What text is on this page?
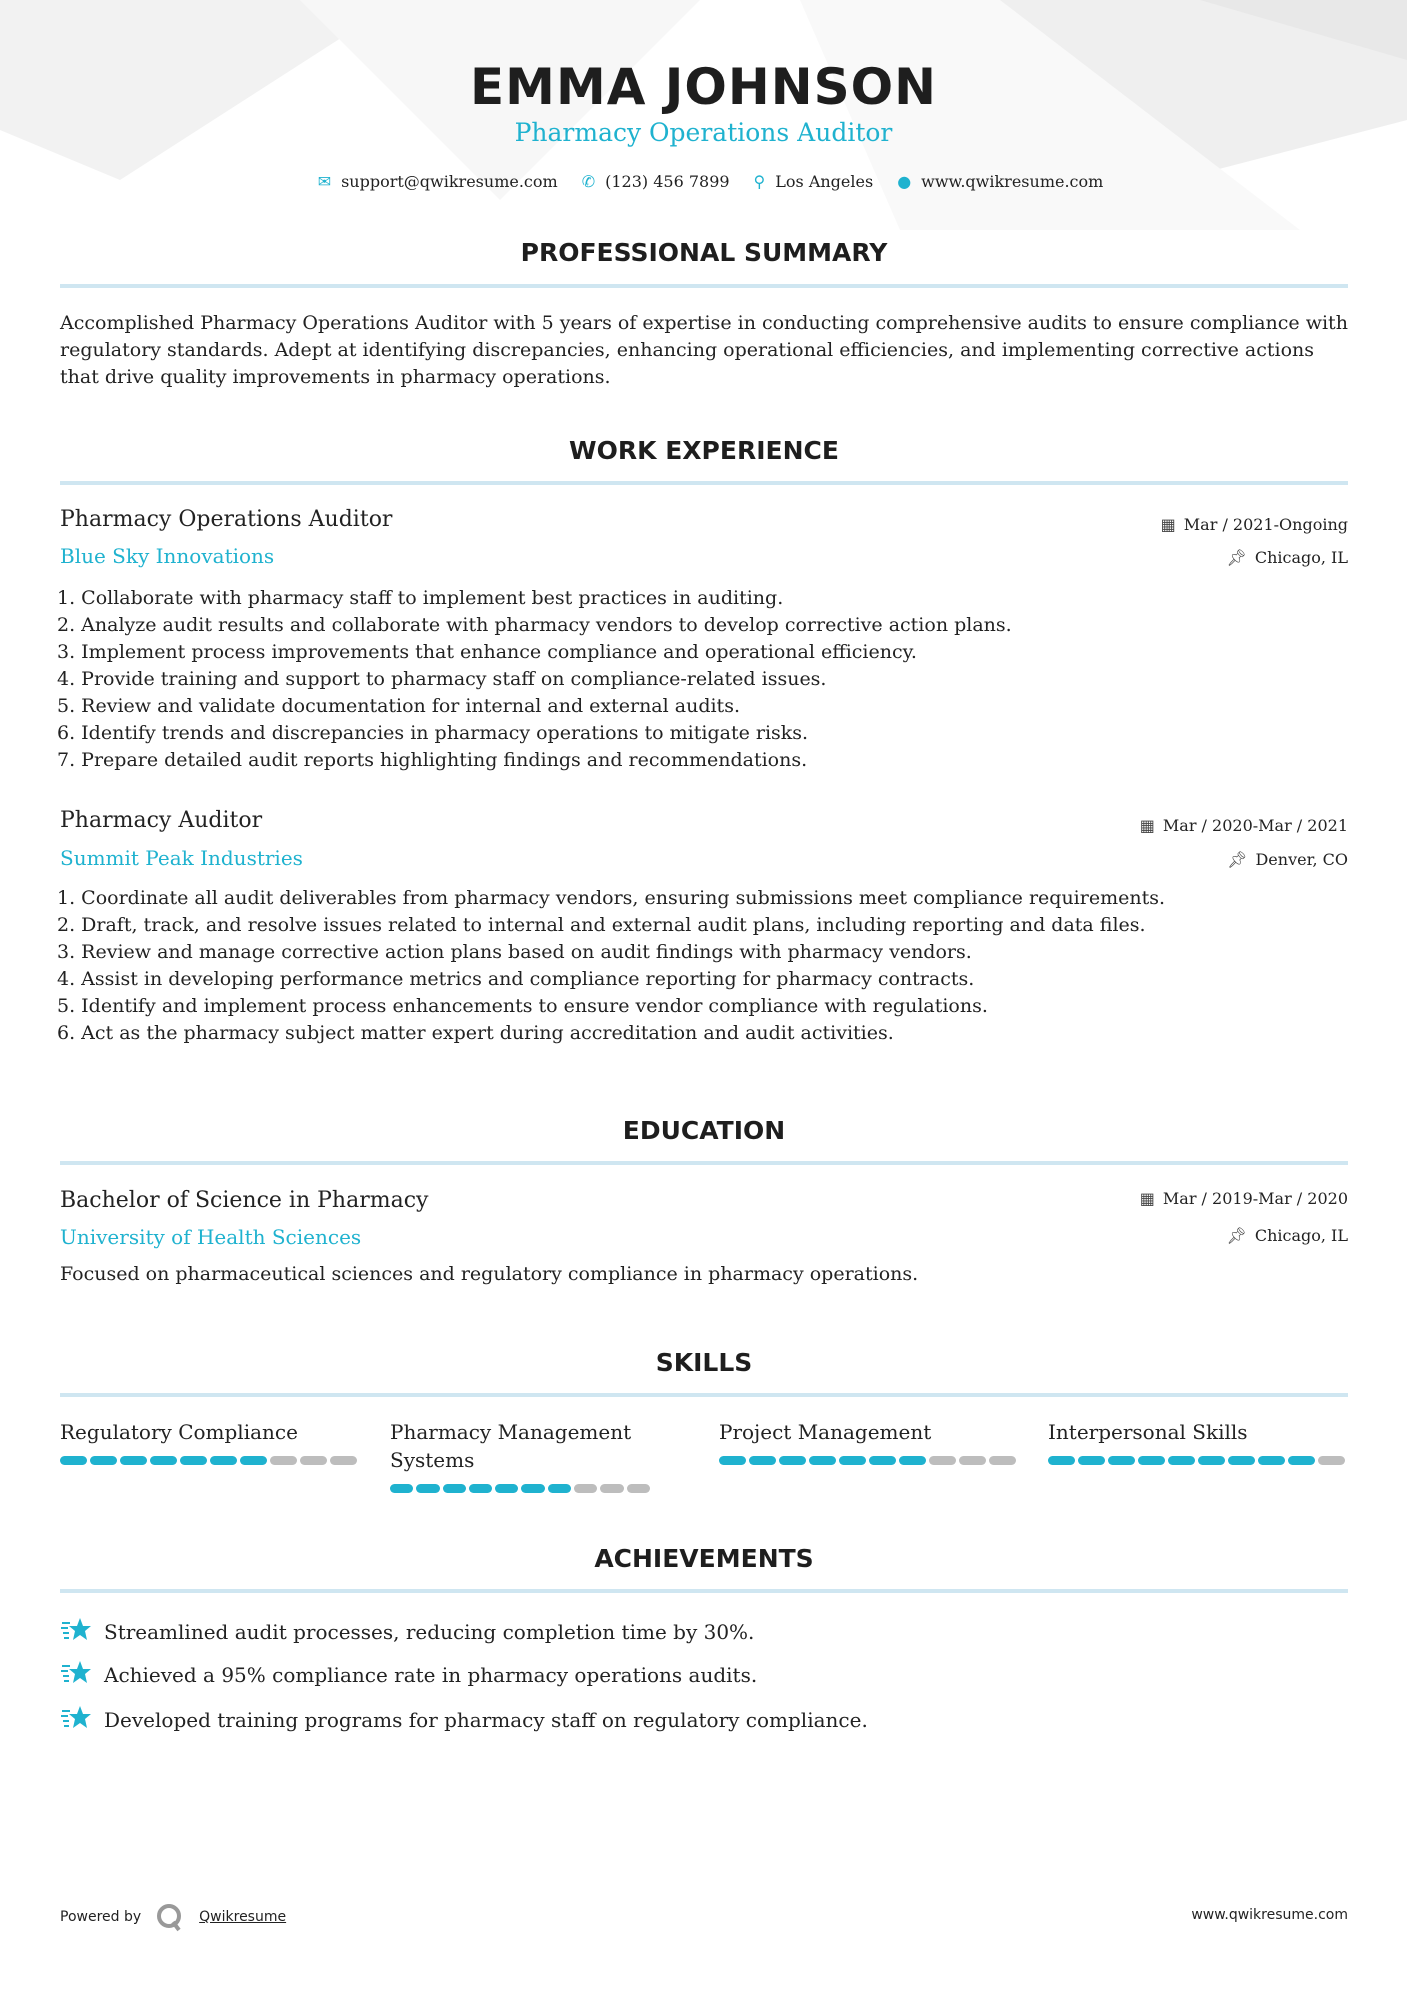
EMMA JOHNSON
Pharmacy Operations Auditor
✉ support@qwikresume.com ✆ (123) 456 7899 ⚲ Los Angeles ● www.qwikresume.com
PROFESSIONAL SUMMARY
Accomplished Pharmacy Operations Auditor with 5 years of expertise in conducting comprehensive audits to ensure compliance with regulatory standards. Adept at identifying discrepancies, enhancing operational efficiencies, and implementing corrective actions that drive quality improvements in pharmacy operations.
WORK EXPERIENCE
Pharmacy Operations Auditor
Blue Sky Innovations
▦ Mar / 2021-Ongoing
📌︎ Chicago, IL
1. Collaborate with pharmacy staff to implement best practices in auditing.
2. Analyze audit results and collaborate with pharmacy vendors to develop corrective action plans.
3. Implement process improvements that enhance compliance and operational efficiency.
4. Provide training and support to pharmacy staff on compliance-related issues.
5. Review and validate documentation for internal and external audits.
6. Identify trends and discrepancies in pharmacy operations to mitigate risks.
7. Prepare detailed audit reports highlighting findings and recommendations.
Pharmacy Auditor
Summit Peak Industries
▦ Mar / 2020-Mar / 2021
📌︎ Denver, CO
1. Coordinate all audit deliverables from pharmacy vendors, ensuring submissions meet compliance requirements.
2. Draft, track, and resolve issues related to internal and external audit plans, including reporting and data files.
3. Review and manage corrective action plans based on audit findings with pharmacy vendors.
4. Assist in developing performance metrics and compliance reporting for pharmacy contracts.
5. Identify and implement process enhancements to ensure vendor compliance with regulations.
6. Act as the pharmacy subject matter expert during accreditation and audit activities.
EDUCATION
Bachelor of Science in Pharmacy
University of Health Sciences
▦ Mar / 2019-Mar / 2020
📌︎ Chicago, IL
Focused on pharmaceutical sciences and regulatory compliance in pharmacy operations.
SKILLS
Regulatory Compliance	Pharmacy Management Systems
Project Management	Interpersonal Skills
ACHIEVEMENTS
Streamlined audit processes, reducing completion time by 30%.
Achieved a 95% compliance rate in pharmacy operations audits.
Developed training programs for pharmacy staff on regulatory compliance.
Powered by	Qwikresume	www.qwikresume.com
